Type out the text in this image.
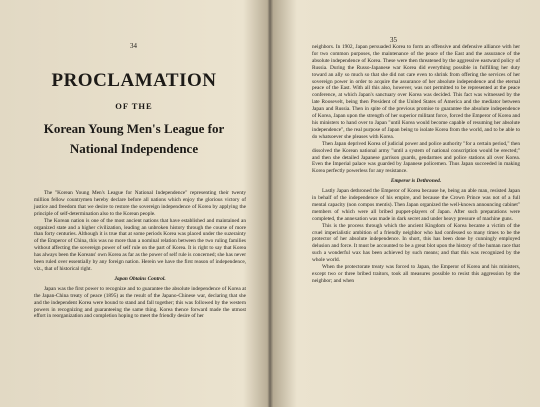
34
PROCLAMATION
OF THE
Korean Young Men's League for
National Independence

The "Korean Young Men's League for National Independence" representing their twenty million fellow countrymen hereby declare before all nations which enjoy the glorious victory of justice and freedom that we desire to restore the sovereign independence of Korea by applying the principle of self-determination also to the Korean people.

The Korean nation is one of the most ancient nations that have established and maintained an organized state and a higher civilization, leading an unbroken history through the course of more than forty centuries. Although it is true that at some periods Korea was placed under the suzerainty of the Emperor of China, this was no more than a nominal relation between the two ruling families without affecting the sovereign power of self rule on the part of Korea. It is right to say that Korea has always been the Koreans' own Korea as far as the power of self rule is concerned; she has never been ruled over essentially by any foreign nation. Herein we have the first reason of independence, viz., that of historical right.

Japan Obtains Control.

Japan was the first power to recognize and to guarantee the absolute independence of Korea at the Japan-China treaty of peace (1895) as the result of the Japano-Chinese war, declaring that she and the independent Korea were bound to stand and fall together; this was followed by the western powers in recognizing and guaranteeing the same thing. Korea thence forward made the utmost effort in reorganization and completion hoping to meet the friendly desire of her

35

neighbors. In 1902, Japan persuaded Korea to form an offensive and defensive alliance with her for two common purposes, the maintenance of the peace of the East and the assurance of the absolute independence of Korea. These were then threatened by the aggressive eastward policy of Russia. During the Russo-Japanese war Korea did everything possible in fulfilling her duty toward an ally so much so that she did not care even to shrink from offering the services of her sovereign power in order to acquire the assurance of her absolute independence and the eternal peace of the East. With all this also, however, was not permitted to be represented at the peace conference, at which Japan's sanctuary over Korea was decided. This fact was witnessed by the late Roosevelt, being then President of the United States of America and the mediator between Japan and Russia. Then in spite of the previous promise to guarantee the absolute independence of Korea, Japan upon the strength of her superior militant force, forced the Emperor of Korea and his ministers to hand over to Japan "until Korea would become capable of resuming her absolute independence", the real purpose of Japan being to isolate Korea from the world, and to be able to do whatsoever she pleases with Korea.

Then Japan deprived Korea of judicial power and police authority "for a certain period," then dissolved the Korean national army "until a system of national conscription would be erected;" and then she detailed Japanese garrison guards, gendarmes and police stations all over Korea. Even the Imperial palace was guarded by Japanese policemen. Thus Japan succeeded in making Korea perfectly powerless for any resistance.

Emperor is Dethroned.

Lastly Japan dethroned the Emperor of Korea because he, being an able man, resisted Japan in behalf of the independence of his empire, and because the Crown Prince was not of a full mental capacity (non compos mentis). Then Japan organized the well-known announcing cabinet" members of which were all bribed puppet-players of Japan. After such preparations were completed, the annexation was made in dark secret and under heavy pressure of machine guns.

This is the process through which the ancient Kingdom of Korea became a victim of the cruel imperialistic ambition of a friendly neighbor who had confessed so many times to be the protector of her absolute independence. In short, this has been done by cunningly employed delusion and force. It must be accounted to be a great blot upon the history of the human race that such a wonderful wax has been achieved by such means; and that this was recognized by the whole world.

When the protectorate treaty was forced to Japan, the Emperor of Korea and his ministers, except two or three bribed traitors, took all measures possible to resist this aggression by the neighbor; and when
